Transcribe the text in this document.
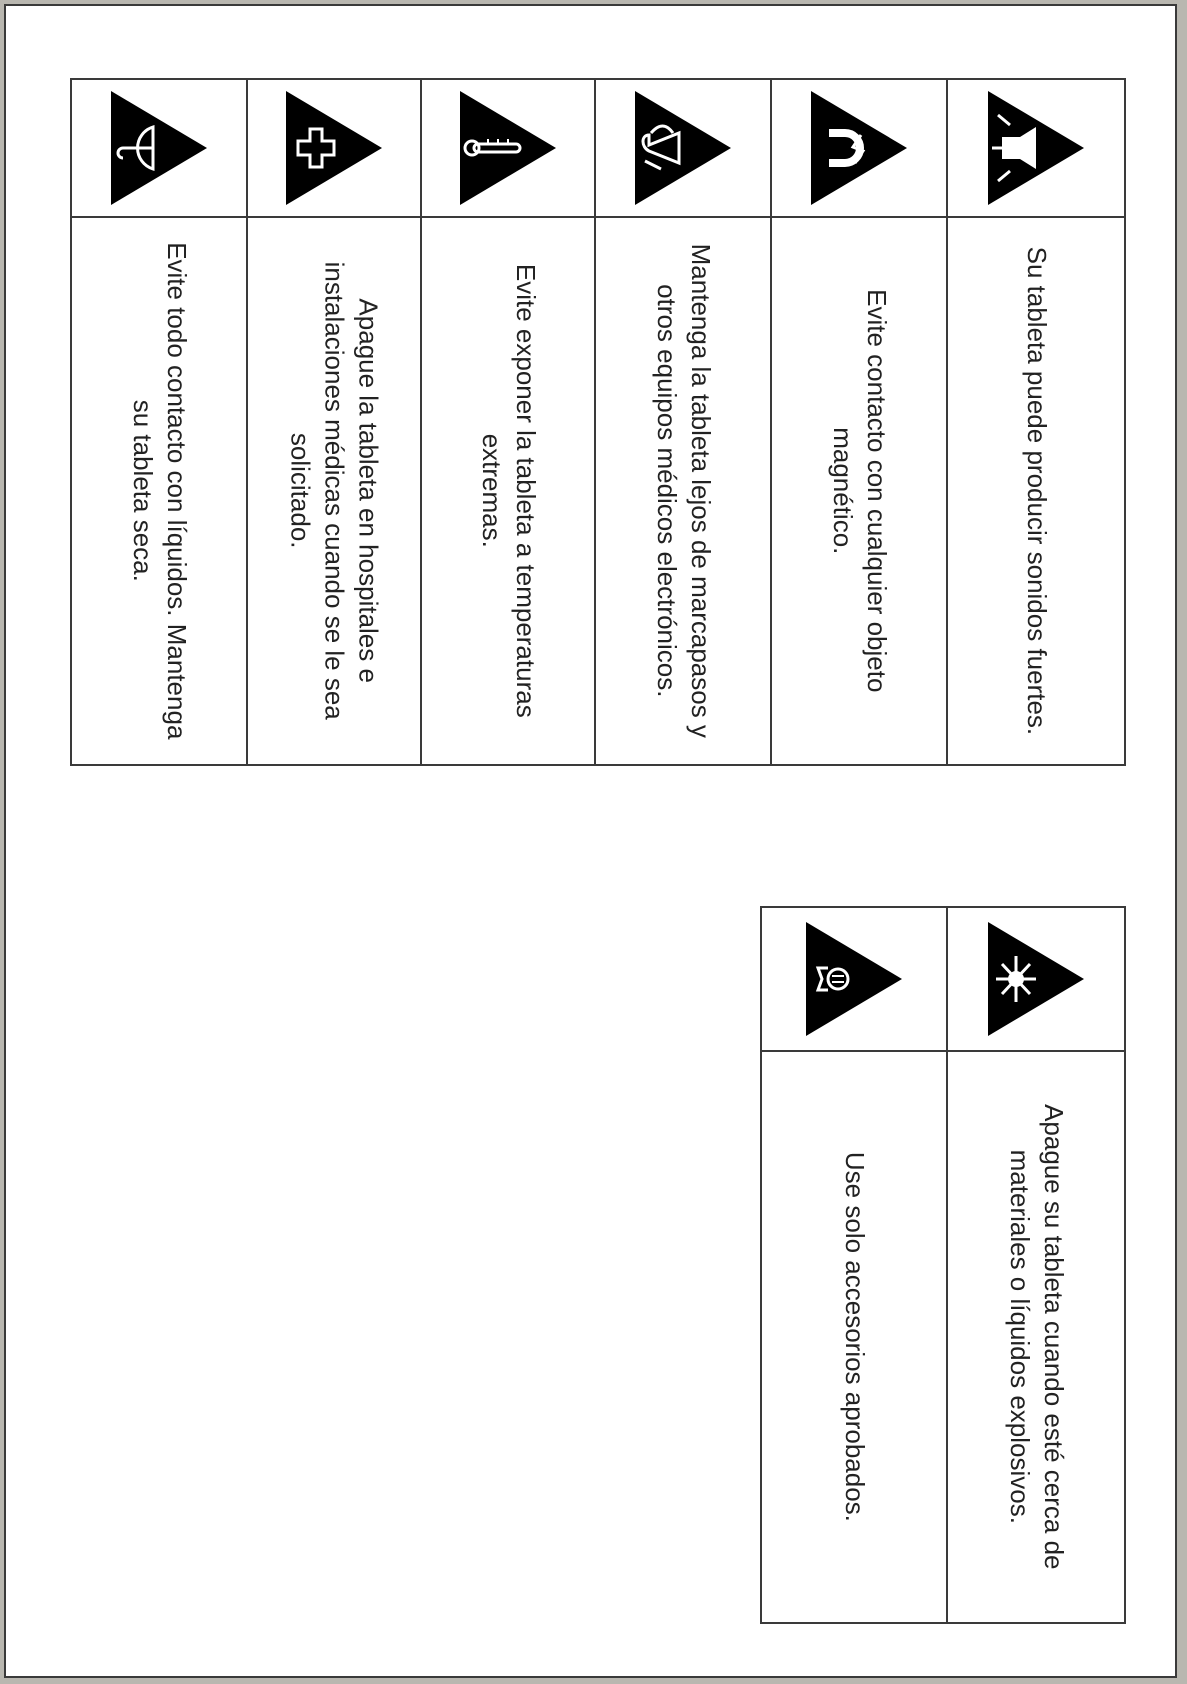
Su tableta puede producir sonidos fuertes.
Evite contacto con cualquier objeto magnético.
Mantenga la tableta lejos de marcapasos y otros equipos médicos electrónicos.
Evite exponer la tableta a temperaturas extremas.
Apague la tableta en hospitales e instalaciones médicas cuando se le sea solicitado.
Evite todo contacto con líquidos. Mantenga su tableta seca.
Apague su tableta cuando esté cerca de materiales o líquidos explosivos.
Use solo accesorios aprobados.
